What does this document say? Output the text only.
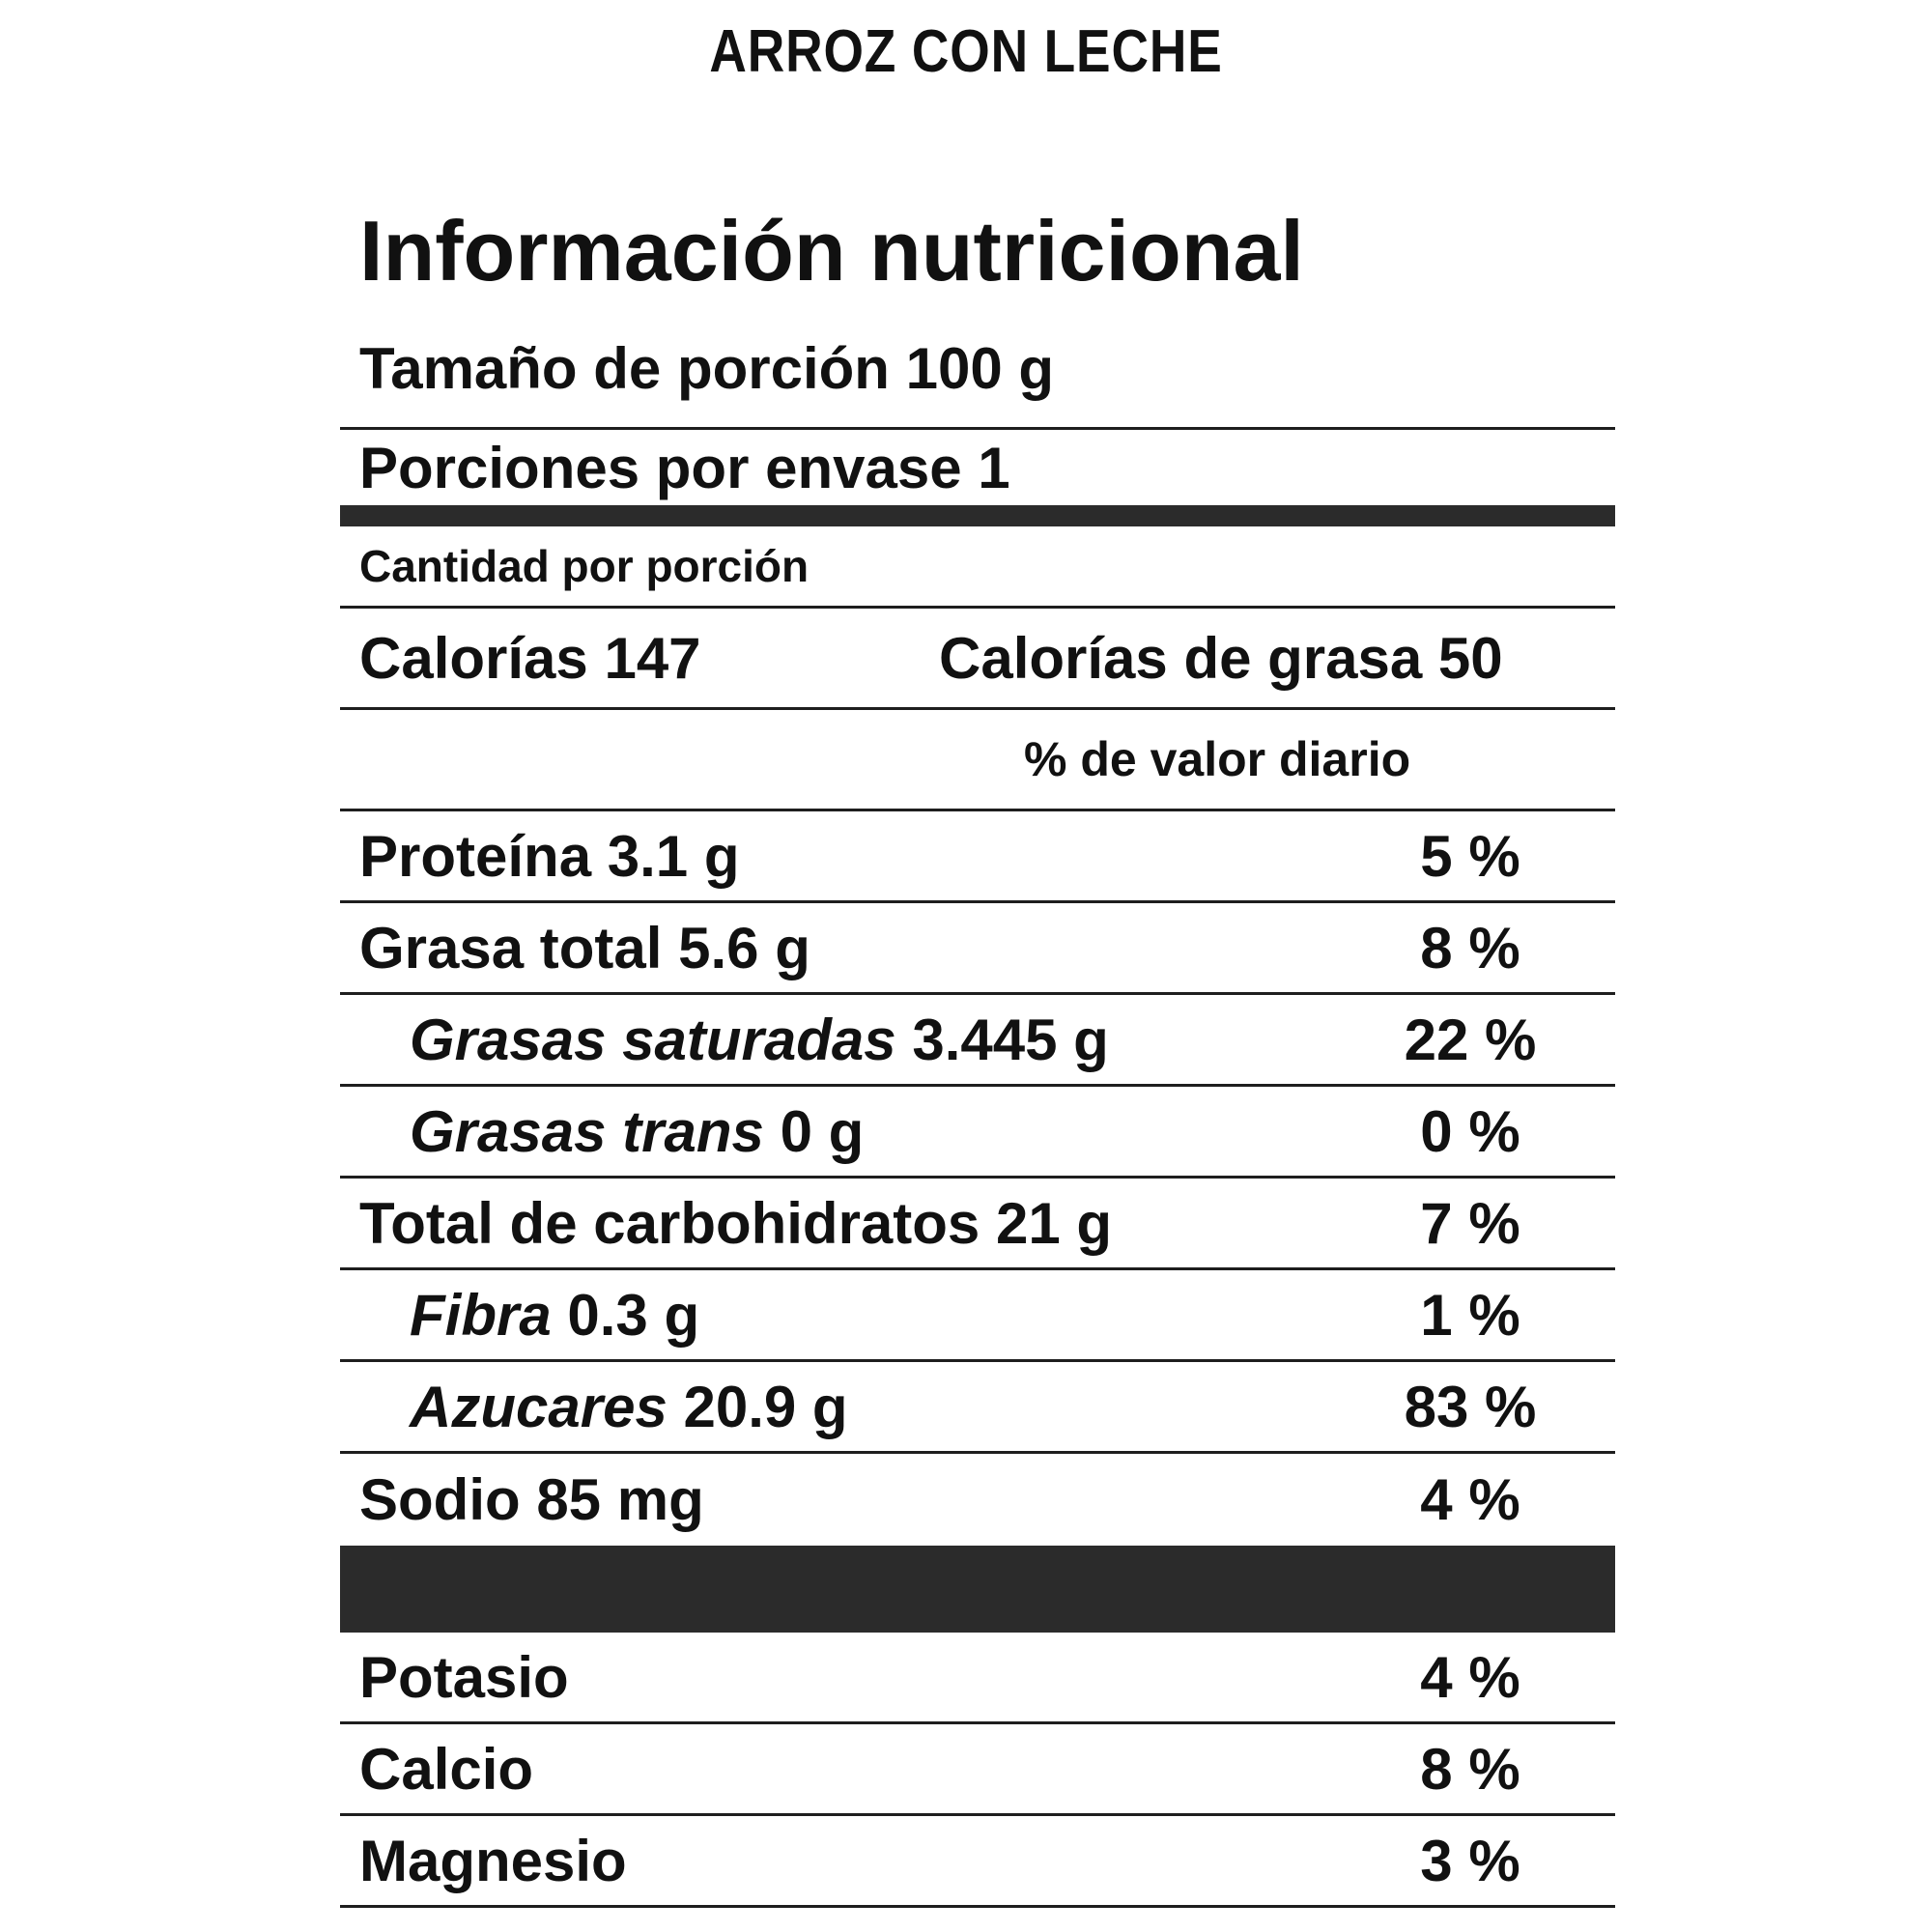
ARROZ CON LECHE
Información nutricional
Tamaño de porción 100 g
Porciones por envase 1
Cantidad por porción
Calorías 147	Calorías de grasa 50
% de valor diario
Proteína 3.1 g	5 %
Grasa total 5.6 g	8 %
Grasas saturadas 3.445 g	22 %
Grasas trans 0 g	0 %
Total de carbohidratos 21 g	7 %
Fibra 0.3 g	1 %
Azucares 20.9 g	83 %
Sodio 85 mg	4 %
Potasio	4 %
Calcio	8 %
Magnesio	3 %
